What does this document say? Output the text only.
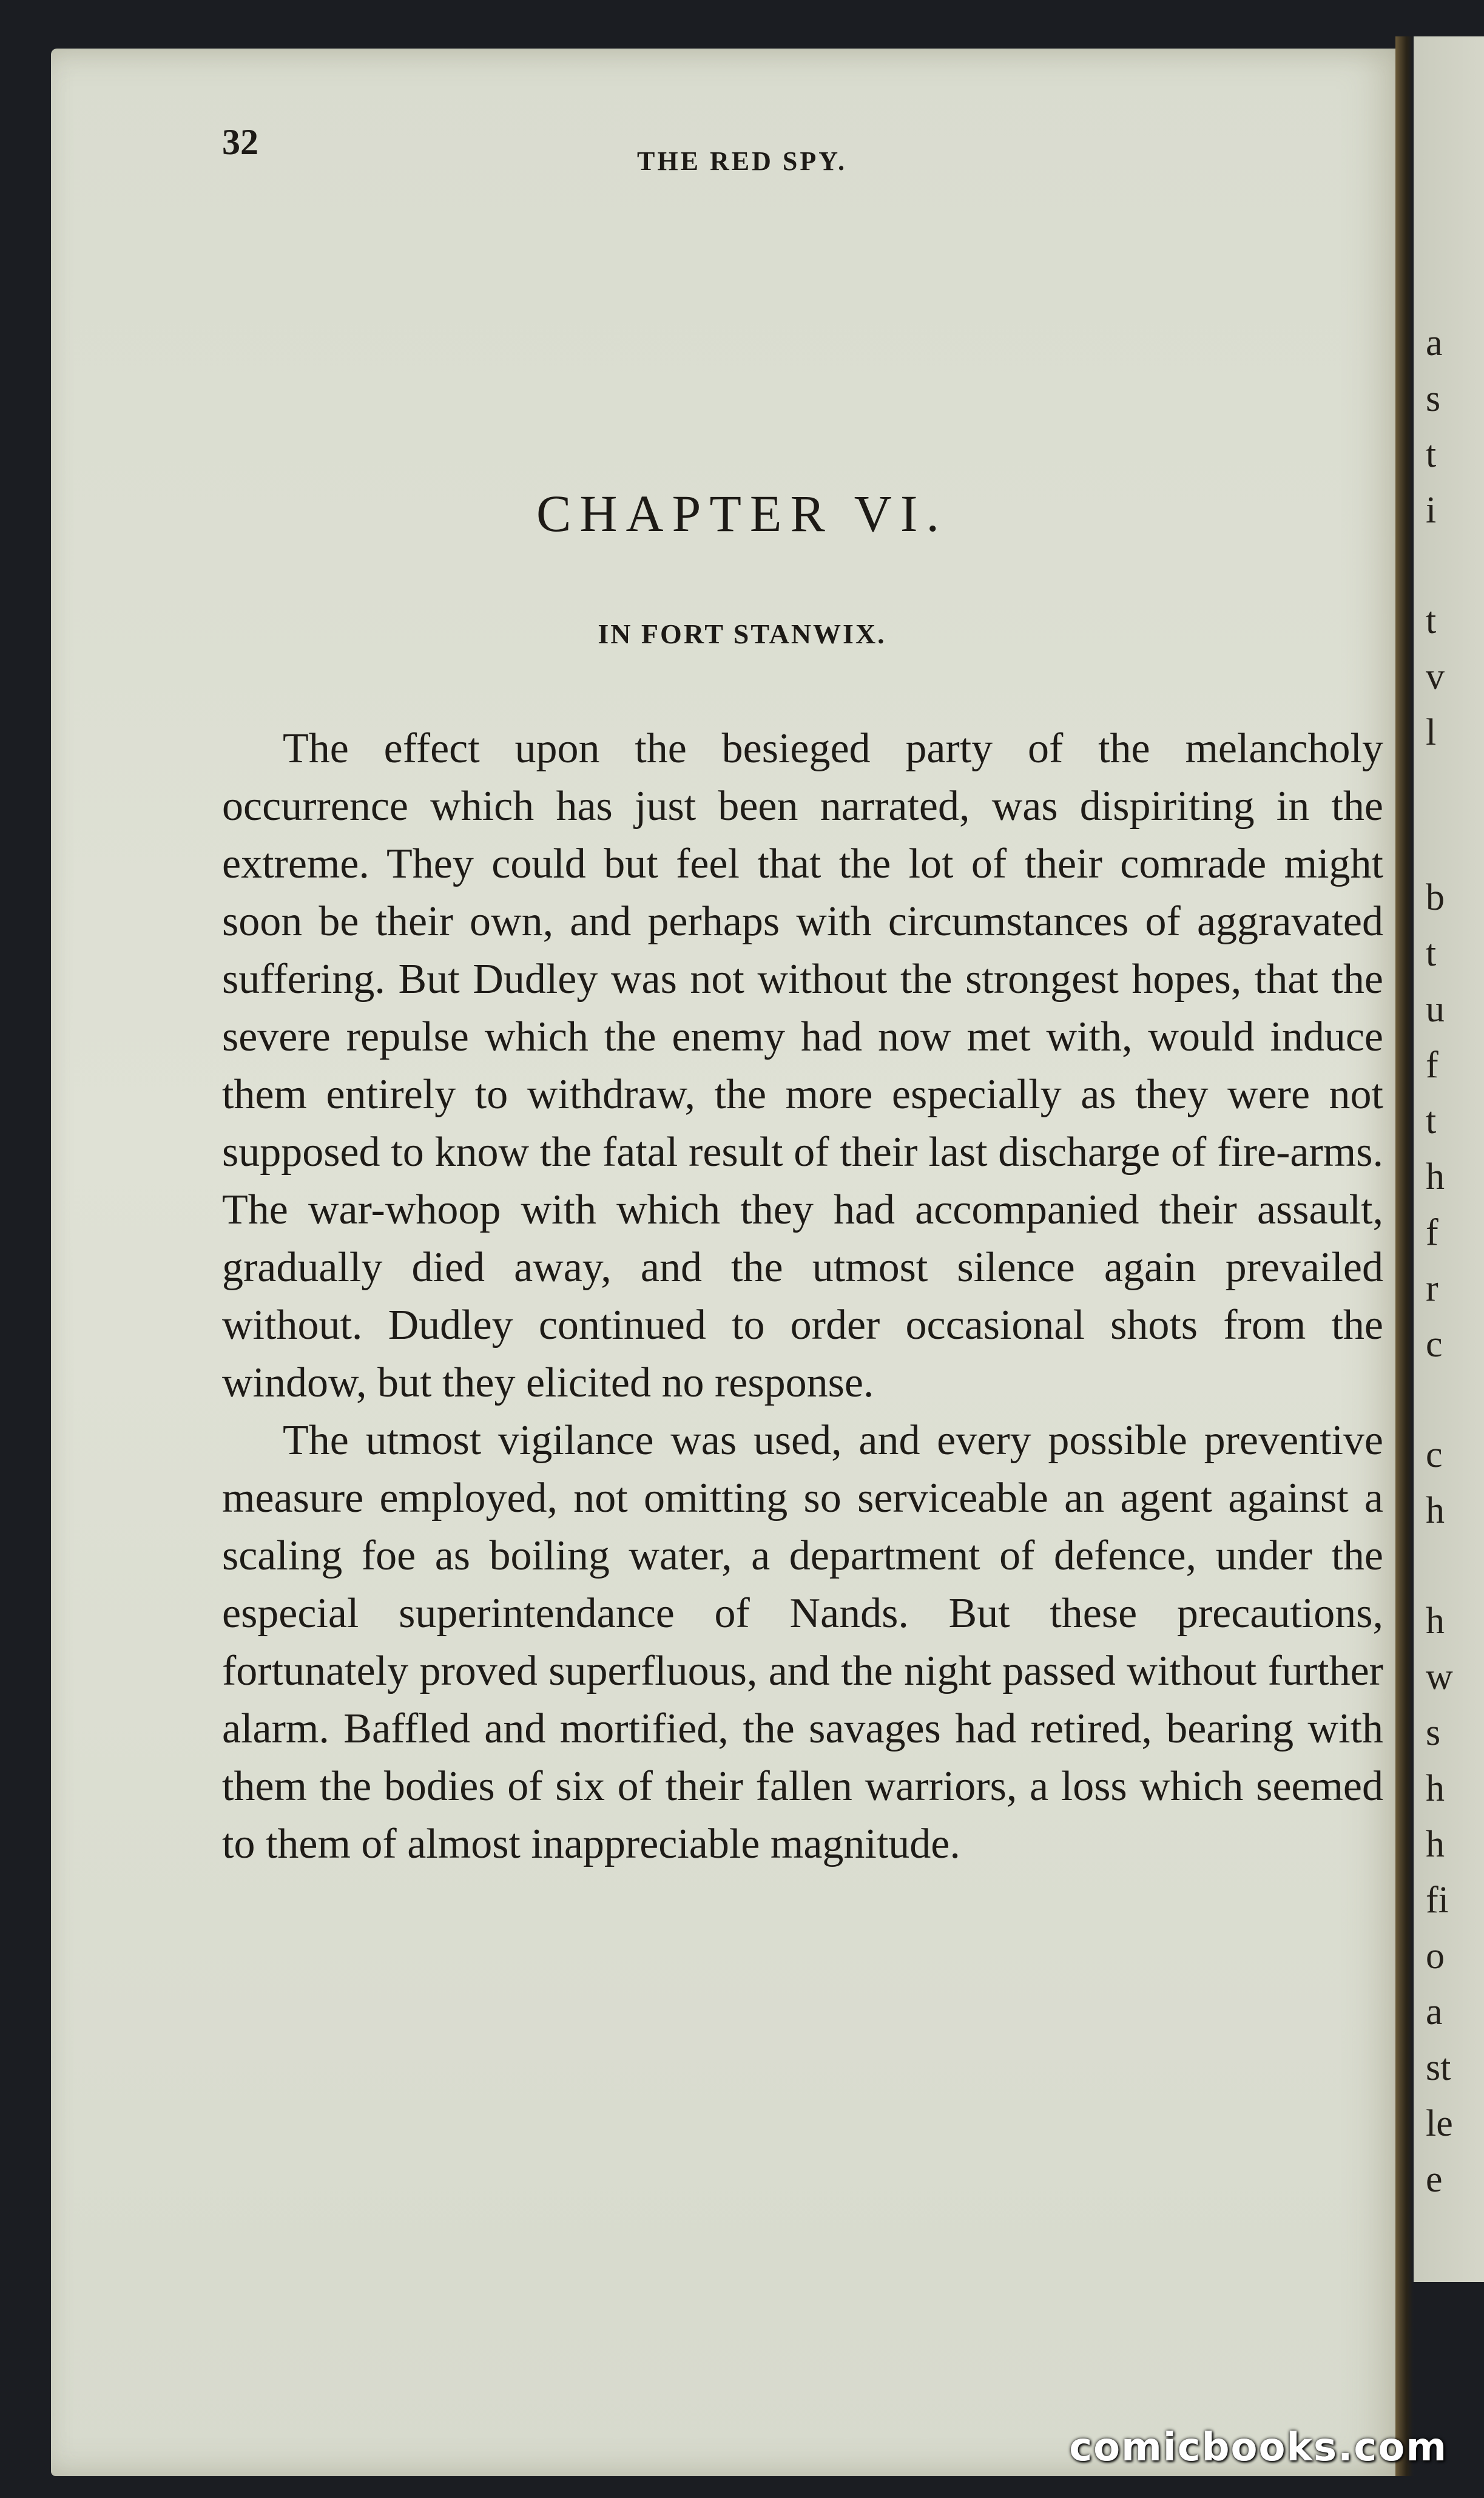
a
s
t
i
t
v
l
b
t
u
f
t
h
f
r
c
c
h
h
w
s
h
h
fi
o
a
st
le
e
32	THE RED SPY.
CHAPTER VI.
IN FORT STANWIX.

The effect upon the besieged party of the melancholy occurrence which has just been narrated, was dispiriting in the extreme. They could but feel that the lot of their comrade might soon be their own, and perhaps with circumstances of aggravated suffering. But Dudley was not without the strongest hopes, that the severe repulse which the enemy had now met with, would induce them entirely to withdraw, the more especially as they were not supposed to know the fatal result of their last discharge of fire-arms. The war-whoop with which they had accompanied their assault, gradually died away, and the utmost silence again prevailed without. Dudley continued to order occasional shots from the window, but they elicited no response.

The utmost vigilance was used, and every possible preventive measure employed, not omitting so serviceable an agent against a scaling foe as boiling water, a department of defence, under the especial superintendance of Nands. But these precautions, fortunately proved superfluous, and the night passed without further alarm. Baffled and mortified, the savages had retired, bearing with them the bodies of six of their fallen warriors, a loss which seemed to them of almost inappreciable magnitude.

comicbooks.com
